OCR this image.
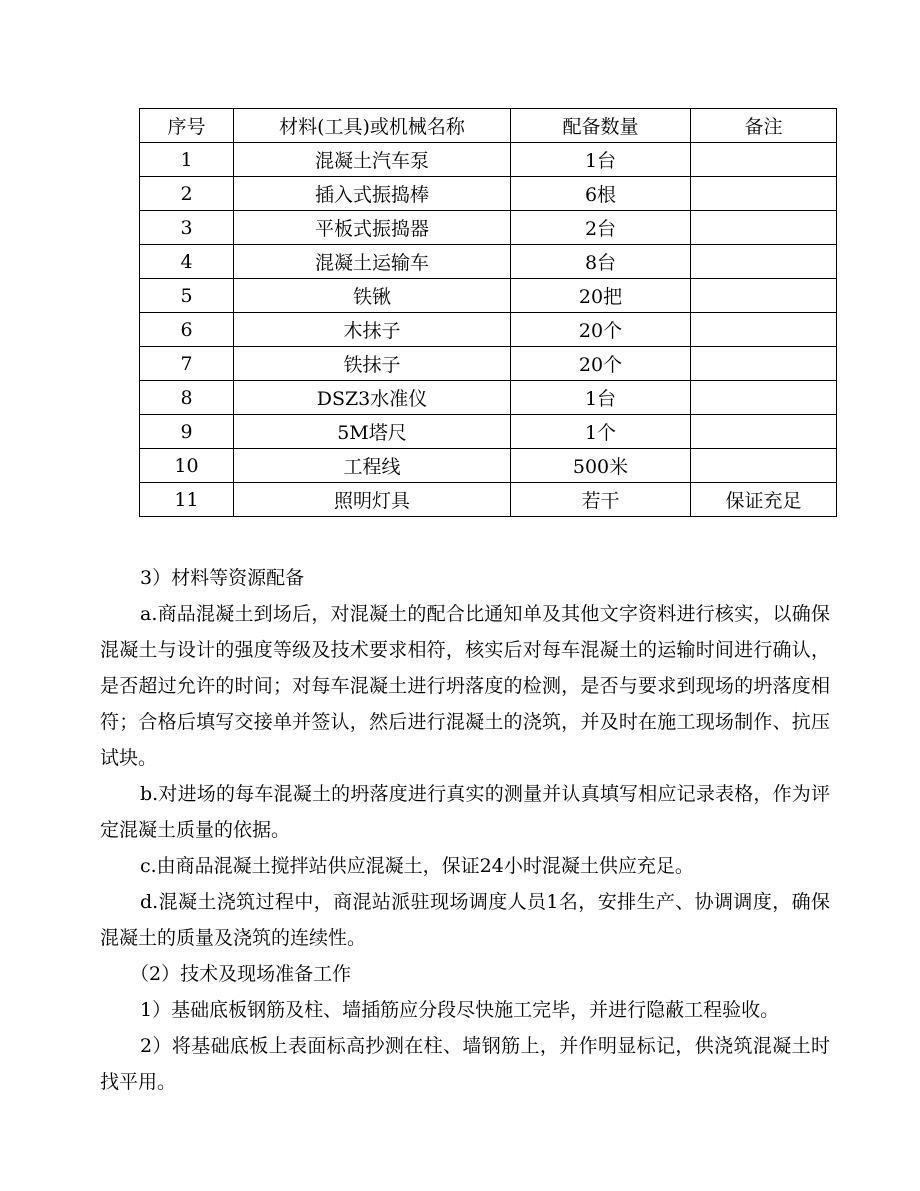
序号	材料(工具)或机械名称	配备数量	备注
1	混凝土汽车泵	1台	
2	插入式振捣棒	6根	
3	平板式振捣器	2台	
4	混凝土运输车	8台	
5	铁锹	20把	
6	木抹子	20个	
7	铁抹子	20个	
8	DSZ3水准仪	1台	
9	5M塔尺	1个	
10	工程线	500米	
11	照明灯具	若干	保证充足

3）材料等资源配备

a.商品混凝土到场后，对混凝土的配合比通知单及其他文字资料进行核实，以确保混凝土与设计的强度等级及技术要求相符，核实后对每车混凝土的运输时间进行确认，是否超过允许的时间；对每车混凝土进行坍落度的检测，是否与要求到现场的坍落度相符；合格后填写交接单并签认，然后进行混凝土的浇筑，并及时在施工现场制作、抗压试块。

b.对进场的每车混凝土的坍落度进行真实的测量并认真填写相应记录表格，作为评定混凝土质量的依据。

c.由商品混凝土搅拌站供应混凝土，保证24小时混凝土供应充足。

d.混凝土浇筑过程中，商混站派驻现场调度人员1名，安排生产、协调调度，确保混凝土的质量及浇筑的连续性。

（2）技术及现场准备工作

1）基础底板钢筋及柱、墙插筋应分段尽快施工完毕，并进行隐蔽工程验收。

2）将基础底板上表面标高抄测在柱、墙钢筋上，并作明显标记，供浇筑混凝土时找平用。
